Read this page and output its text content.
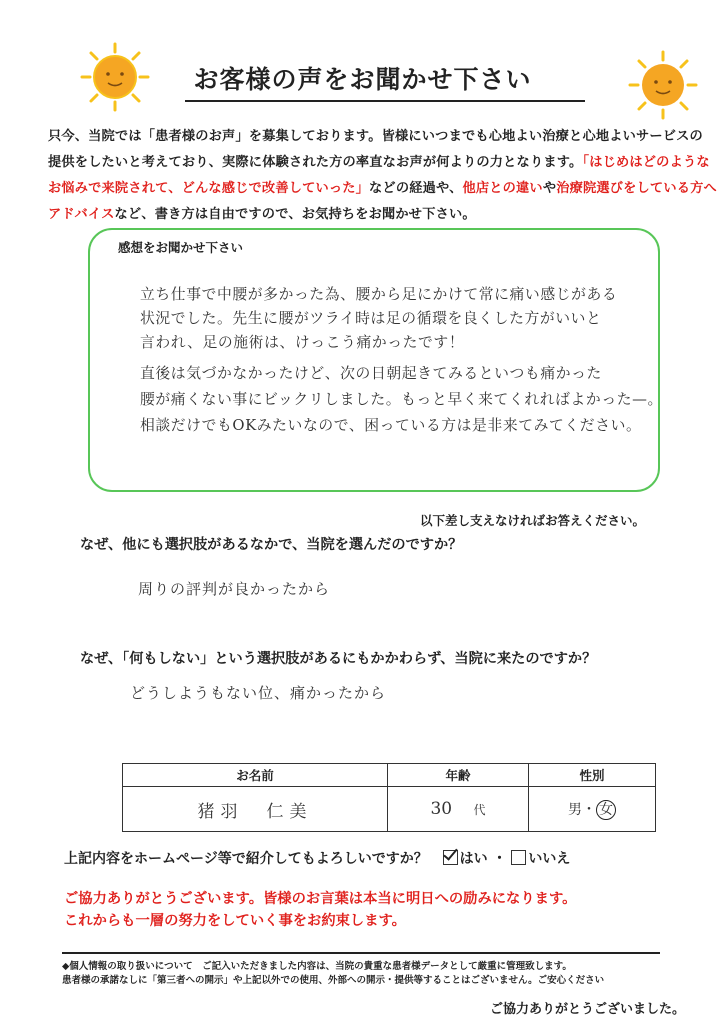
お客様の声をお聞かせ下さい
只今、当院では「患者様のお声」を募集しております。皆様にいつまでも心地よい治療と心地よいサービスの
提供をしたいと考えており、実際に体験された方の率直なお声が何よりの力となります。「はじめはどのような
お悩みで来院されて、どんな感じで改善していった」などの経過や、他店との違いや治療院選びをしている方へ
アドバイスなど、書き方は自由ですので、お気持ちをお聞かせ下さい。
感想をお聞かせ下さい
立ち仕事で中腰が多かった為、腰から足にかけて常に痛い感じがある
状況でした。先生に腰がツライ時は足の循環を良くした方がいいと
言われ、足の施術は、けっこう痛かったです！
直後は気づかなかったけど、次の日朝起きてみるといつも痛かった
腰が痛くない事にビックリしました。もっと早く来てくれればよかった—。
相談だけでもOKみたいなので、困っている方は是非来てみてください。
以下差し支えなければお答えください。
なぜ、他にも選択肢があるなかで、当院を選んだのですか？
周りの評判が良かったから
なぜ、「何もしない」という選択肢があるにもかかわらず、当院に来たのですか？
どうしようもない位、痛かったから
お名前	年齢	性別
猪羽　仁美	30 代	男・ 女
上記内容をホームページ等で紹介してもよろしいですか？ はい ・ いいえ
ご協力ありがとうございます。皆様のお言葉は本当に明日への励みになります。
これからも一層の努力をしていく事をお約束します。
◆個人情報の取り扱いについて　ご記入いただきました内容は、当院の貴重な患者様データとして厳重に管理致します。
患者様の承諾なしに「第三者への開示」や上記以外での使用、外部への開示・提供等することはございません。ご安心ください
ご協力ありがとうございました。
